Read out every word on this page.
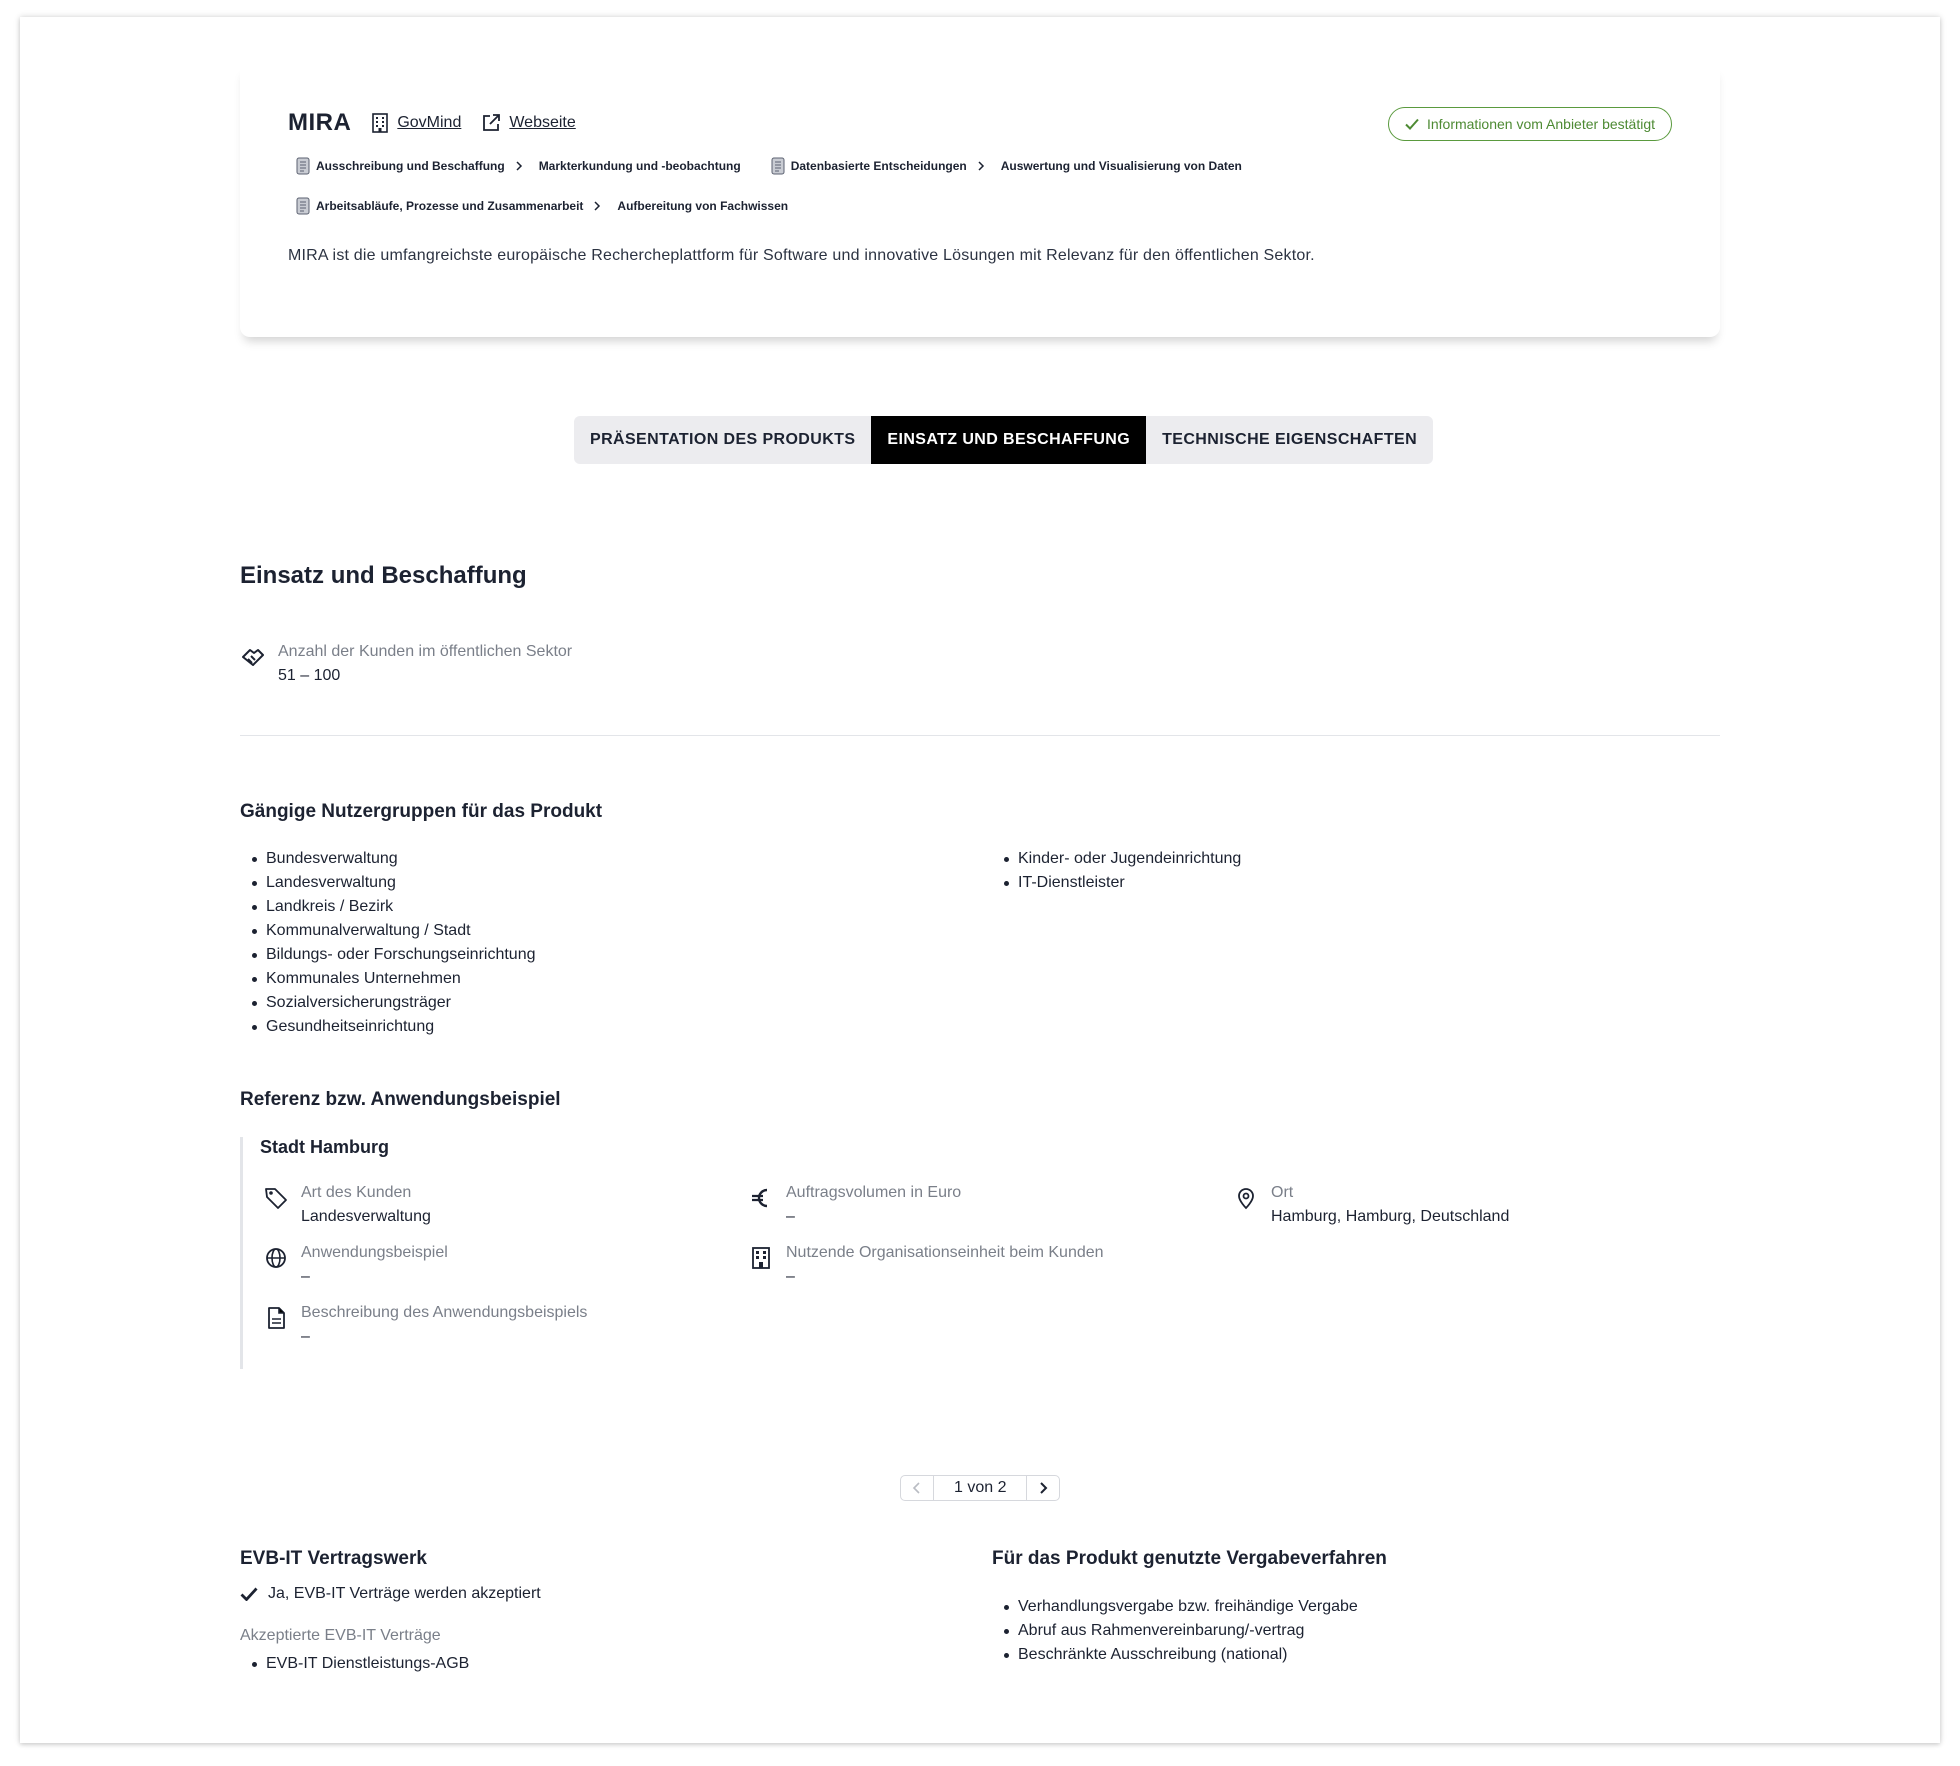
MIRA	GovMind	Webseite	Informationen vom Anbieter bestätigt
Ausschreibung und Beschaffung	Markterkundung und -beobachtung	Datenbasierte Entscheidungen	Auswertung und Visualisierung von Daten
Arbeitsabläufe, Prozesse und Zusammenarbeit	Aufbereitung von Fachwissen

MIRA ist die umfangreichste europäische Rechercheplattform für Software und innovative Lösungen mit Relevanz für den öffentlichen Sektor.

PRÄSENTATION DES PRODUKTS	EINSATZ UND BESCHAFFUNG	TECHNISCHE EIGENSCHAFTEN
Einsatz und Beschaffung
Anzahl der Kunden im öffentlichen Sektor
51 – 100
Gängige Nutzergruppen für das Produkt
Bundesverwaltung
Landesverwaltung
Landkreis / Bezirk
Kommunalverwaltung / Stadt
Bildungs- oder Forschungseinrichtung
Kommunales Unternehmen
Sozialversicherungsträger
Gesundheitseinrichtung
Kinder- oder Jugendeinrichtung
IT-Dienstleister
Referenz bzw. Anwendungsbeispiel
Stadt Hamburg
Art des Kunden
Landesverwaltung
Auftragsvolumen in Euro
–
Ort
Hamburg, Hamburg, Deutschland
Anwendungsbeispiel
–
Nutzende Organisationseinheit beim Kunden
–
Beschreibung des Anwendungsbeispiels
–
1 von 2
EVB-IT Vertragswerk
Ja, EVB-IT Verträge werden akzeptiert
Akzeptierte EVB-IT Verträge
EVB-IT Dienstleistungs-AGB
Für das Produkt genutzte Vergabeverfahren
Verhandlungsvergabe bzw. freihändige Vergabe
Abruf aus Rahmenvereinbarung/-vertrag
Beschränkte Ausschreibung (national)
